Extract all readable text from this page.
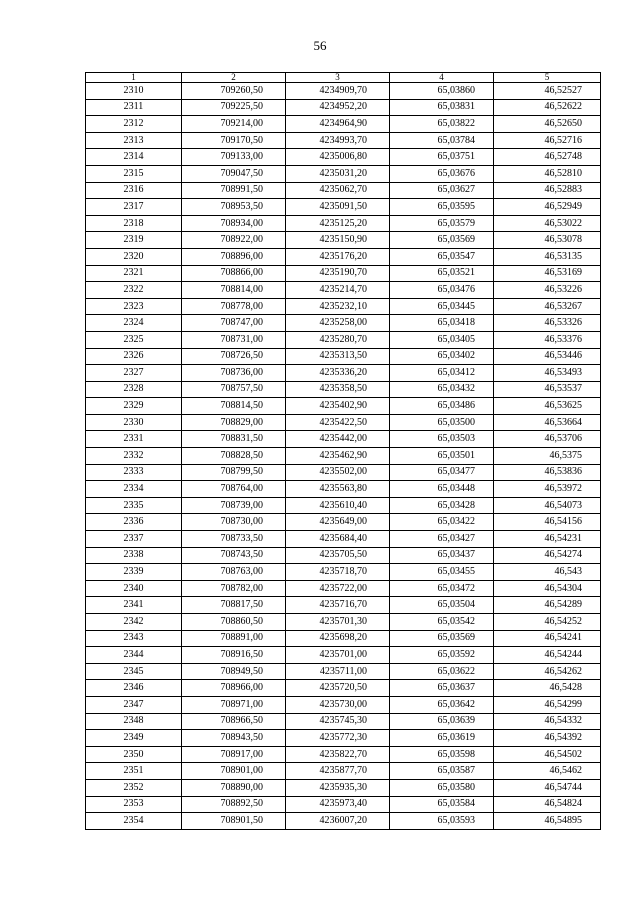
56
1	2	3	4	5
2310	709260,50	4234909,70	65,03860	46,52527
2311	709225,50	4234952,20	65,03831	46,52622
2312	709214,00	4234964,90	65,03822	46,52650
2313	709170,50	4234993,70	65,03784	46,52716
2314	709133,00	4235006,80	65,03751	46,52748
2315	709047,50	4235031,20	65,03676	46,52810
2316	708991,50	4235062,70	65,03627	46,52883
2317	708953,50	4235091,50	65,03595	46,52949
2318	708934,00	4235125,20	65,03579	46,53022
2319	708922,00	4235150,90	65,03569	46,53078
2320	708896,00	4235176,20	65,03547	46,53135
2321	708866,00	4235190,70	65,03521	46,53169
2322	708814,00	4235214,70	65,03476	46,53226
2323	708778,00	4235232,10	65,03445	46,53267
2324	708747,00	4235258,00	65,03418	46,53326
2325	708731,00	4235280,70	65,03405	46,53376
2326	708726,50	4235313,50	65,03402	46,53446
2327	708736,00	4235336,20	65,03412	46,53493
2328	708757,50	4235358,50	65,03432	46,53537
2329	708814,50	4235402,90	65,03486	46,53625
2330	708829,00	4235422,50	65,03500	46,53664
2331	708831,50	4235442,00	65,03503	46,53706
2332	708828,50	4235462,90	65,03501	46,5375
2333	708799,50	4235502,00	65,03477	46,53836
2334	708764,00	4235563,80	65,03448	46,53972
2335	708739,00	4235610,40	65,03428	46,54073
2336	708730,00	4235649,00	65,03422	46,54156
2337	708733,50	4235684,40	65,03427	46,54231
2338	708743,50	4235705,50	65,03437	46,54274
2339	708763,00	4235718,70	65,03455	46,543
2340	708782,00	4235722,00	65,03472	46,54304
2341	708817,50	4235716,70	65,03504	46,54289
2342	708860,50	4235701,30	65,03542	46,54252
2343	708891,00	4235698,20	65,03569	46,54241
2344	708916,50	4235701,00	65,03592	46,54244
2345	708949,50	4235711,00	65,03622	46,54262
2346	708966,00	4235720,50	65,03637	46,5428
2347	708971,00	4235730,00	65,03642	46,54299
2348	708966,50	4235745,30	65,03639	46,54332
2349	708943,50	4235772,30	65,03619	46,54392
2350	708917,00	4235822,70	65,03598	46,54502
2351	708901,00	4235877,70	65,03587	46,5462
2352	708890,00	4235935,30	65,03580	46,54744
2353	708892,50	4235973,40	65,03584	46,54824
2354	708901,50	4236007,20	65,03593	46,54895
